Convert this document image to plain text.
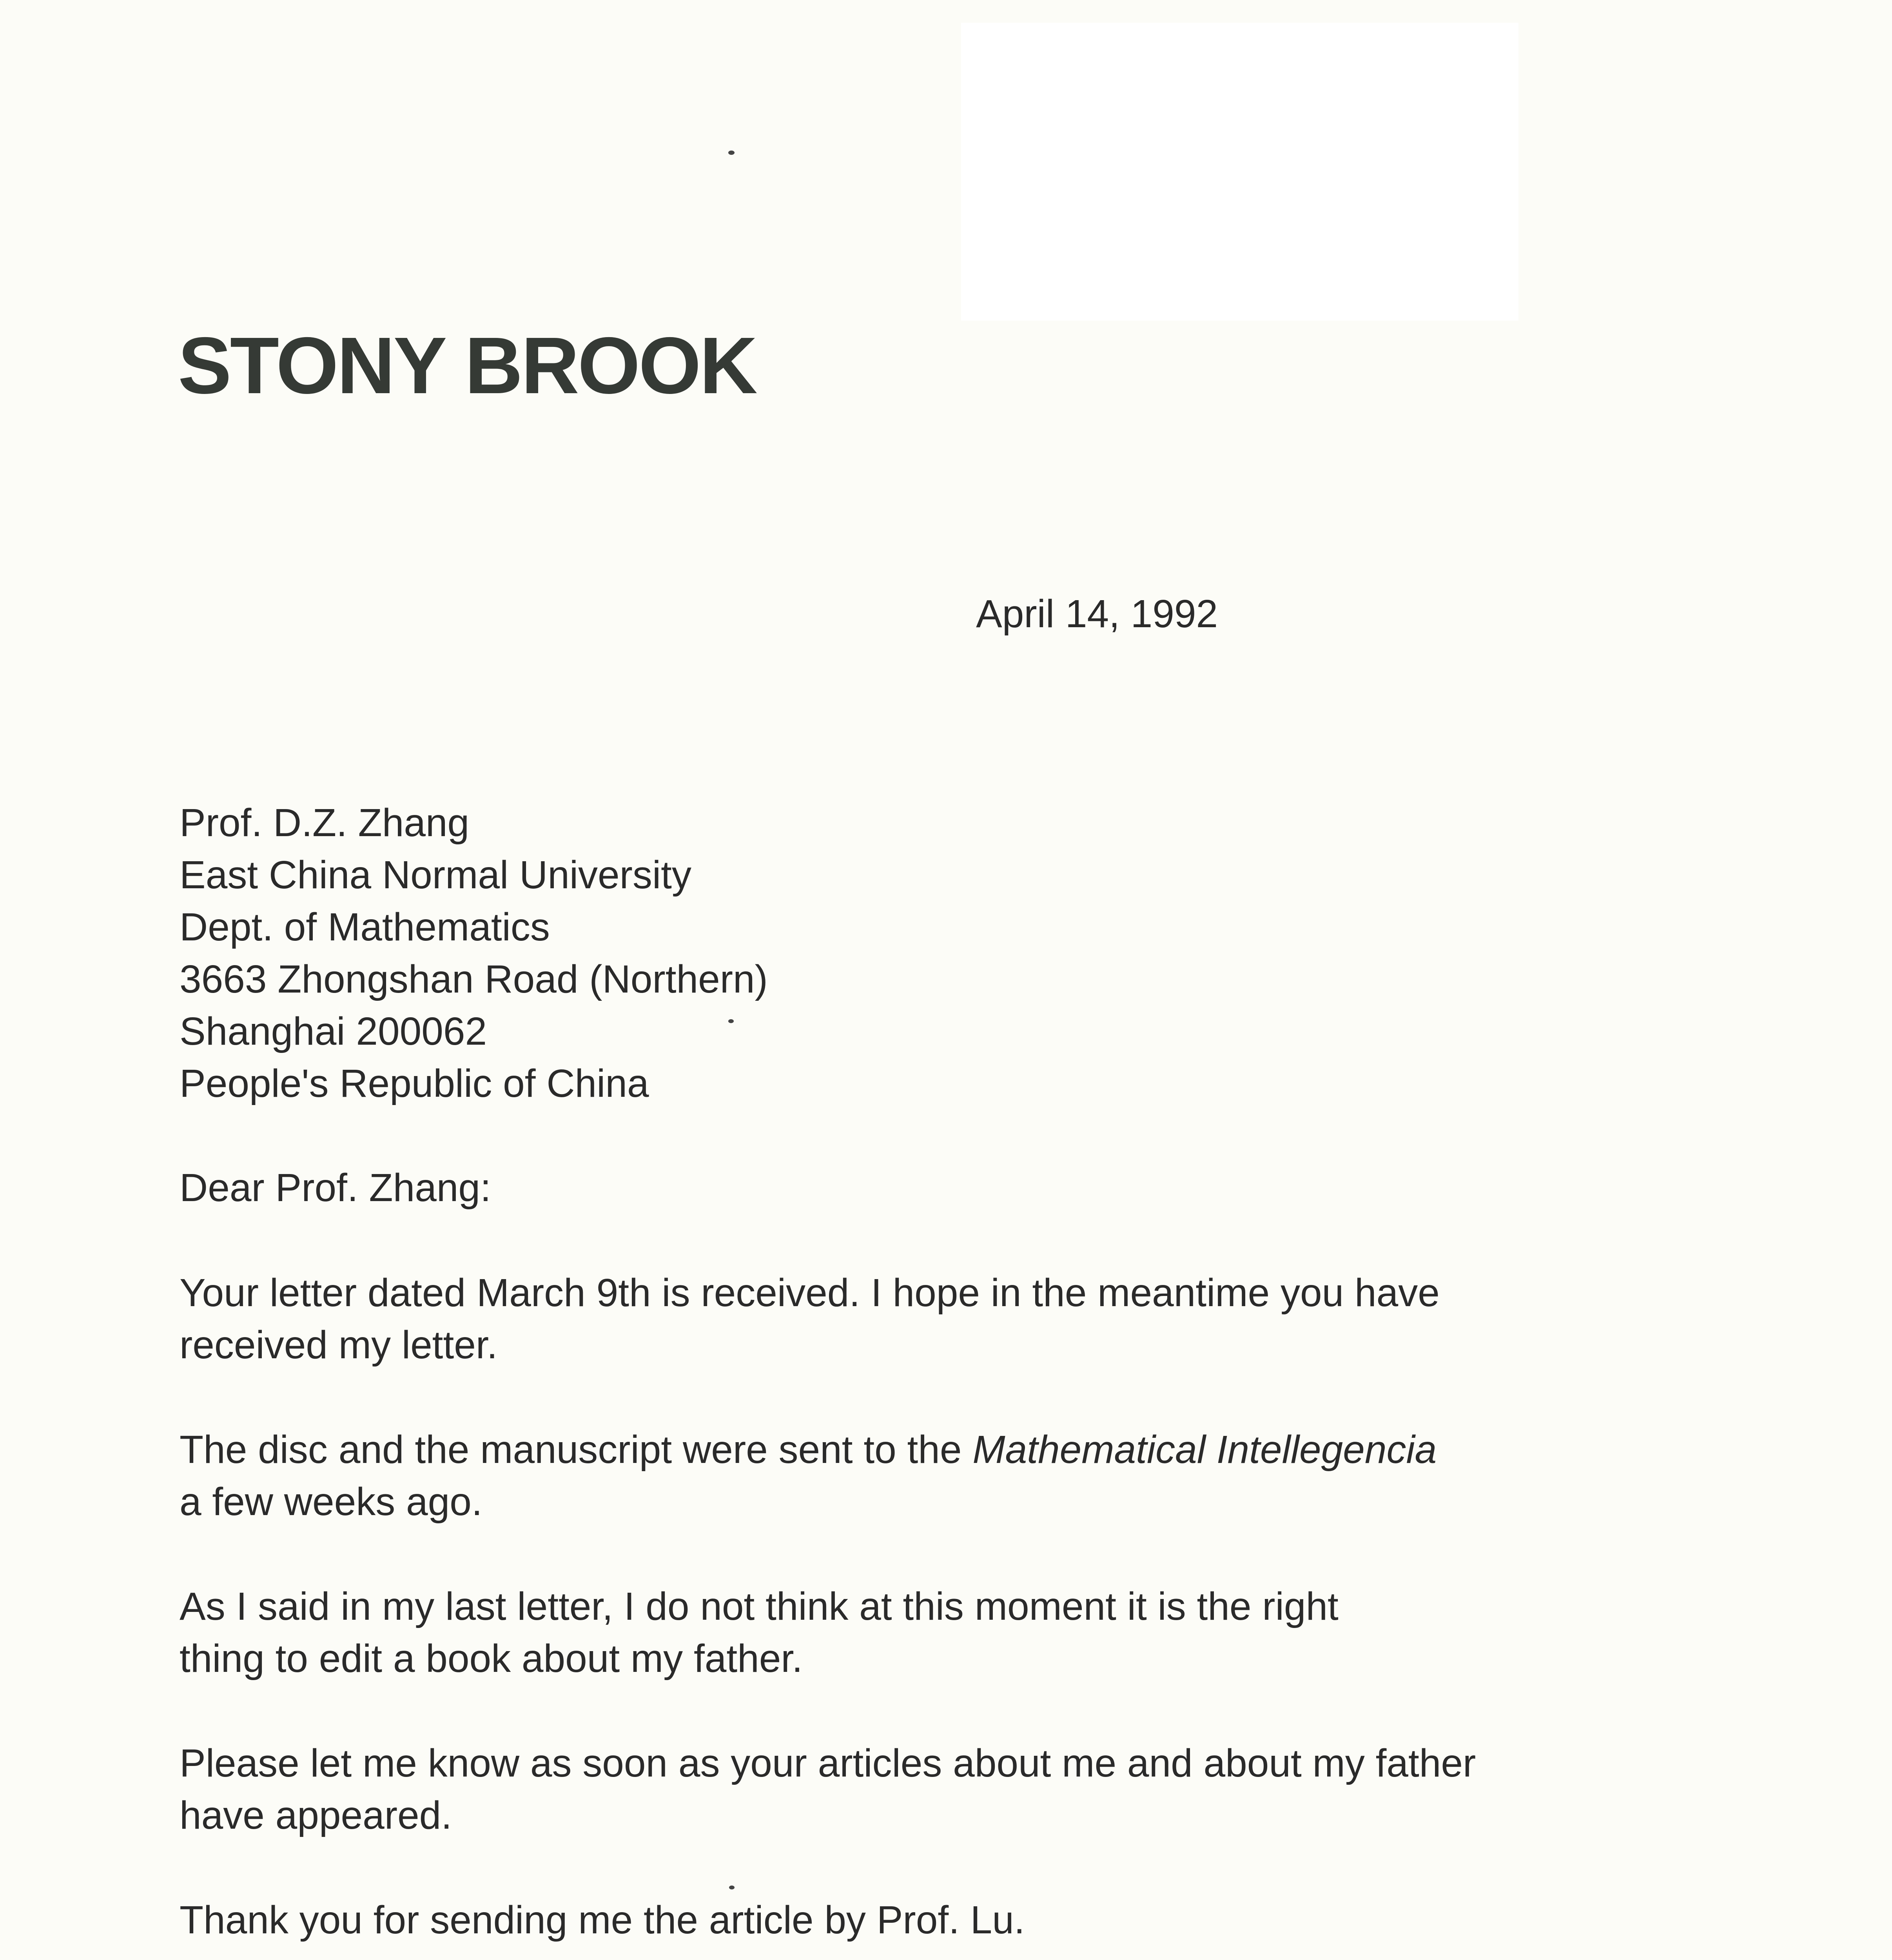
STONY BROOK
April 14, 1992
Prof. D.Z. Zhang
East China Normal University
Dept. of Mathematics
3663 Zhongshan Road (Northern)
Shanghai 200062
People's Republic of China
Dear Prof. Zhang:
Your letter dated March 9th is received. I hope in the meantime you have
received my letter.
The disc and the manuscript were sent to the Mathematical Intellegencia
a few weeks ago.
As I said in my last letter, I do not think at this moment it is the right
thing to edit a book about my father.
Please let me know as soon as your articles about me and about my father
have appeared.
Thank you for sending me the article by Prof. Lu.
